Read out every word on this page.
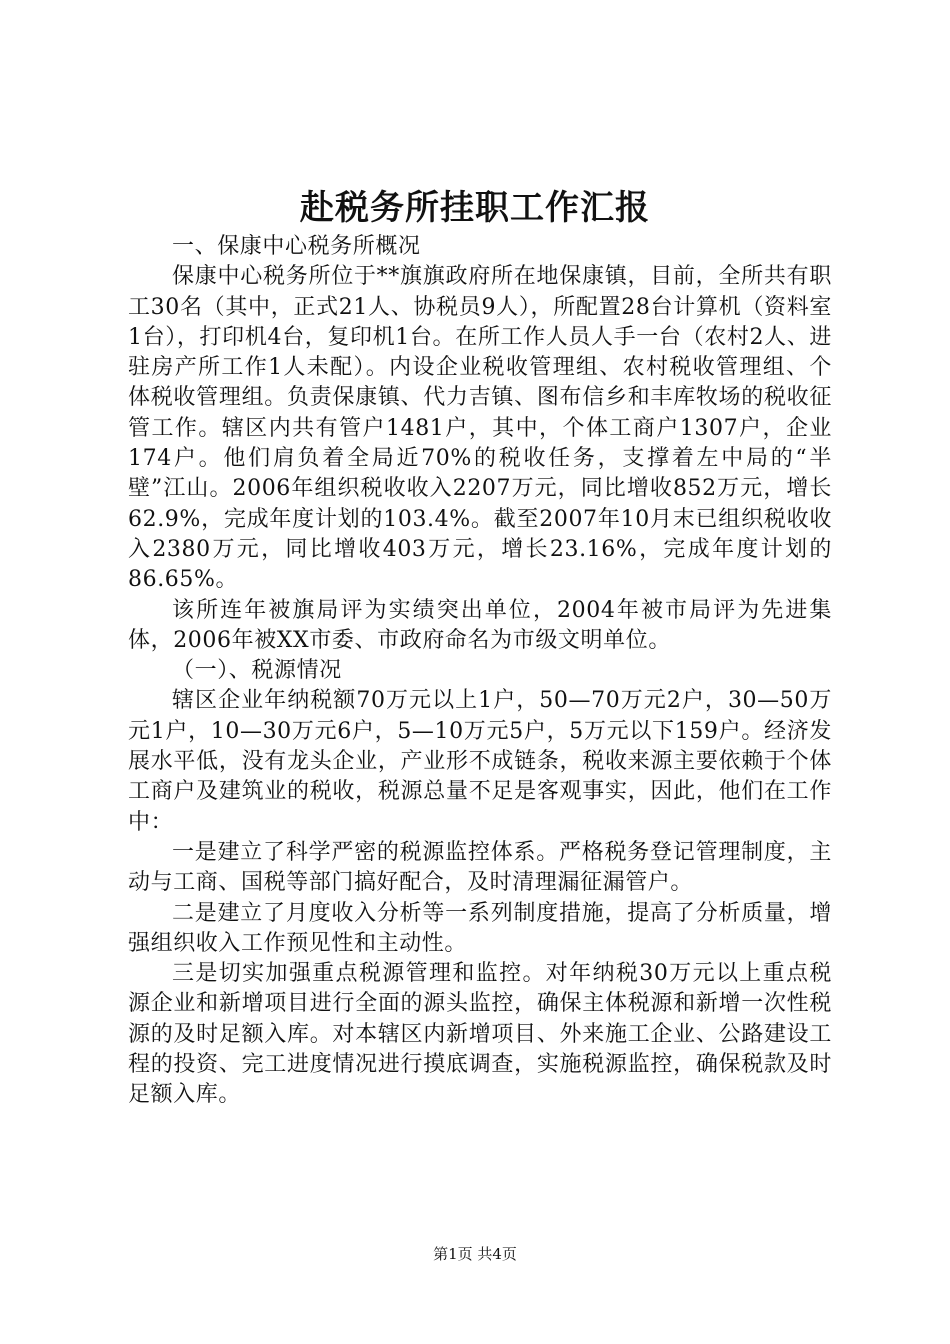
赴税务所挂职工作汇报

一、保康中心税务所概况

保康中心税务所位于**旗旗政府所在地保康镇，目前，全所共有职工30名（其中，正式21人、协税员9人），所配置28台计算机（资料室1台），打印机4台，复印机1台。在所工作人员人手一台（农村2人、进驻房产所工作1人未配）。内设企业税收管理组、农村税收管理组、个体税收管理组。负责保康镇、代力吉镇、图布信乡和丰库牧场的税收征管工作。辖区内共有管户1481户，其中，个体工商户1307户，企业174户。他们肩负着全局近70%的税收任务，支撑着左中局的“半壁”江山。2006年组织税收收入2207万元，同比增收852万元，增长62.9%，完成年度计划的103.4%。截至2007年10月末已组织税收收入2380万元，同比增收403万元，增长23.16%，完成年度计划的86.65%。

该所连年被旗局评为实绩突出单位，2004年被市局评为先进集体，2006年被XX市委、市政府命名为市级文明单位。

（一）、税源情况

辖区企业年纳税额70万元以上1户，50—70万元2户，30—50万元1户，10—30万元6户，5—10万元5户，5万元以下159户。经济发展水平低，没有龙头企业，产业形不成链条，税收来源主要依赖于个体工商户及建筑业的税收，税源总量不足是客观事实，因此，他们在工作中：

一是建立了科学严密的税源监控体系。严格税务登记管理制度，主动与工商、国税等部门搞好配合，及时清理漏征漏管户。

二是建立了月度收入分析等一系列制度措施，提高了分析质量，增强组织收入工作预见性和主动性。

三是切实加强重点税源管理和监控。对年纳税30万元以上重点税源企业和新增项目进行全面的源头监控，确保主体税源和新增一次性税源的及时足额入库。对本辖区内新增项目、外来施工企业、公路建设工程的投资、完工进度情况进行摸底调查，实施税源监控，确保税款及时足额入库。

第1页 共4页
